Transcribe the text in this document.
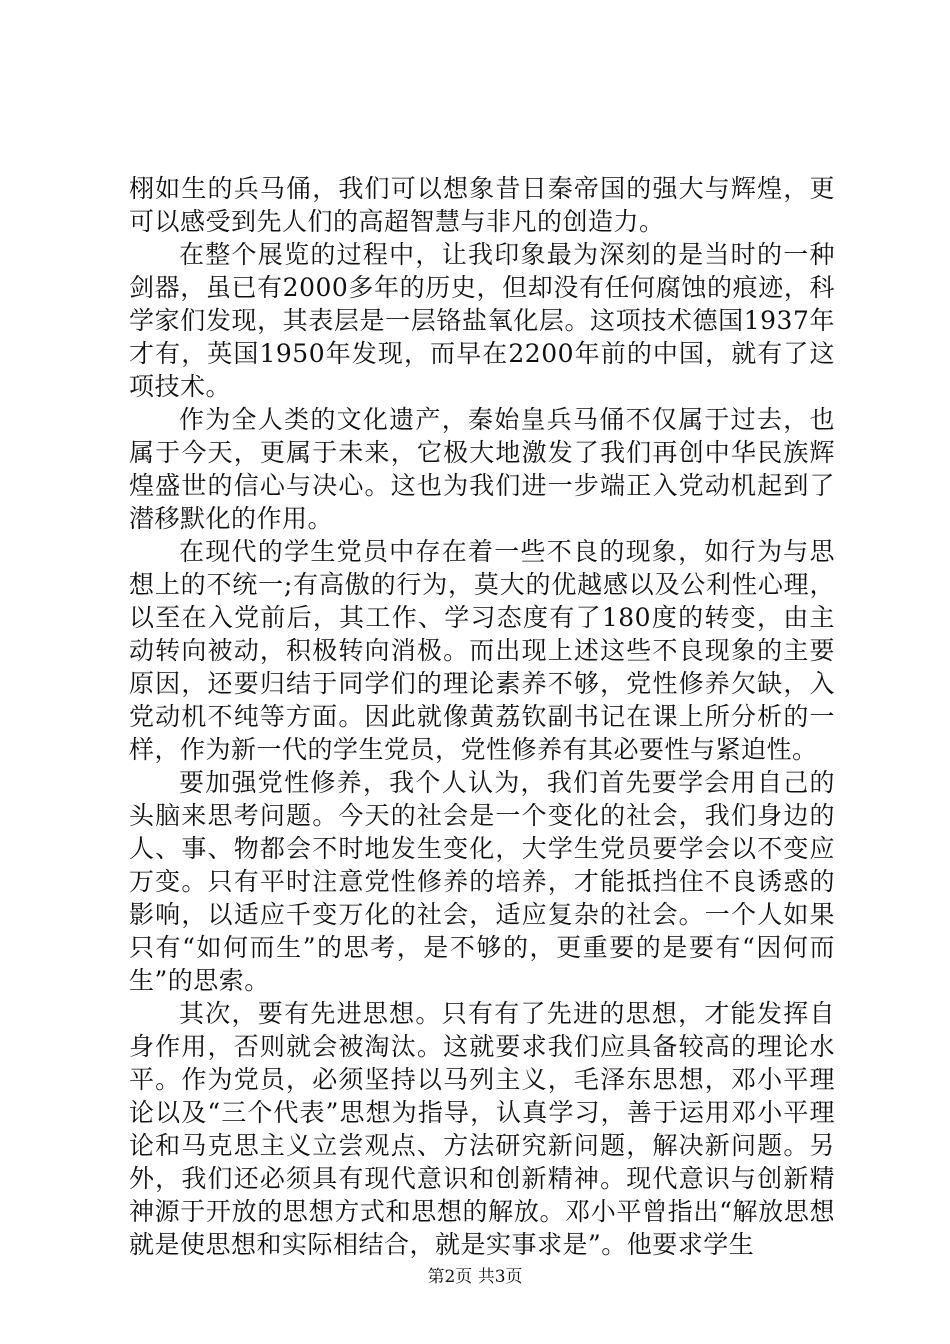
栩如生的兵马俑，我们可以想象昔日秦帝国的强大与辉煌，更可以感受到先人们的高超智慧与非凡的创造力。

在整个展览的过程中，让我印象最为深刻的是当时的一种剑器，虽已有2000多年的历史，但却没有任何腐蚀的痕迹，科学家们发现，其表层是一层铬盐氧化层。这项技术德国1937年才有，英国1950年发现，而早在2200年前的中国，就有了这项技术。

作为全人类的文化遗产，秦始皇兵马俑不仅属于过去，也属于今天，更属于未来，它极大地激发了我们再创中华民族辉煌盛世的信心与决心。这也为我们进一步端正入党动机起到了潜移默化的作用。

在现代的学生党员中存在着一些不良的现象，如行为与思想上的不统一;有高傲的行为，莫大的优越感以及公利性心理，以至在入党前后，其工作、学习态度有了180度的转变，由主动转向被动，积极转向消极。而出现上述这些不良现象的主要原因，还要归结于同学们的理论素养不够，党性修养欠缺，入党动机不纯等方面。因此就像黄荔钦副书记在课上所分析的一样，作为新一代的学生党员，党性修养有其必要性与紧迫性。

要加强党性修养，我个人认为，我们首先要学会用自己的头脑来思考问题。今天的社会是一个变化的社会，我们身边的人、事、物都会不时地发生变化，大学生党员要学会以不变应万变。只有平时注意党性修养的培养，才能抵挡住不良诱惑的影响，以适应千变万化的社会，适应复杂的社会。一个人如果只有“如何而生”的思考，是不够的，更重要的是要有“因何而生”的思索。

其次，要有先进思想。只有有了先进的思想，才能发挥自身作用，否则就会被淘汰。这就要求我们应具备较高的理论水平。作为党员，必须坚持以马列主义，毛泽东思想，邓小平理论以及“三个代表”思想为指导，认真学习，善于运用邓小平理论和马克思主义立尝观点、方法研究新问题，解决新问题。另外，我们还必须具有现代意识和创新精神。现代意识与创新精神源于开放的思想方式和思想的解放。邓小平曾指出“解放思想就是使思想和实际相结合，就是实事求是”。他要求学生

第2页 共3页
